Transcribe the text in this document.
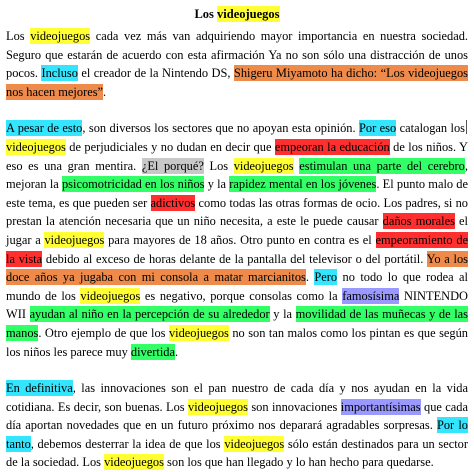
Los videojuegos

Los videojuegos cada vez más van adquiriendo mayor importancia en nuestra sociedad. Seguro que estarán de acuerdo con esta afirmación Ya no son sólo una distracción de unos pocos. Incluso el creador de la Nintendo DS, Shigeru Miyamoto ha dicho: “Los videojuegos nos hacen mejores”.

A pesar de esto, son diversos los sectores que no apoyan esta opinión. Por eso catalogan los videojuegos de perjudiciales y no dudan en decir que empeoran la educación de los niños. Y eso es una gran mentira. ¿El porqué? Los videojuegos estimulan una parte del cerebro, mejoran la psicomotricidad en los niños y la rapidez mental en los jóvenes. El punto malo de este tema, es que pueden ser adictivos como todas las otras formas de ocio. Los padres, si no prestan la atención necesaria que un niño necesita, a este le puede causar daños morales el jugar a videojuegos para mayores de 18 años. Otro punto en contra es el empeoramiento de la vista debido al exceso de horas delante de la pantalla del televisor o del portátil. Yo a los doce años ya jugaba con mi consola a matar marcianitos. Pero no todo lo que rodea al mundo de los videojuegos es negativo, porque consolas como la famosísima NINTENDO WII ayudan al niño en la percepción de su alrededor y la movilidad de las muñecas y de las manos. Otro ejemplo de que los videojuegos no son tan malos como los pintan es que según los niños les parece muy divertida.

En definitiva, las innovaciones son el pan nuestro de cada día y nos ayudan en la vida cotidiana. Es decir, son buenas. Los videojuegos son innovaciones importantísimas que cada día aportan novedades que en un futuro próximo nos deparará agradables sorpresas. Por lo tanto, debemos desterrar la idea de que los videojuegos sólo están destinados para un sector de la sociedad. Los videojuegos son los que han llegado y lo han hecho para quedarse.
